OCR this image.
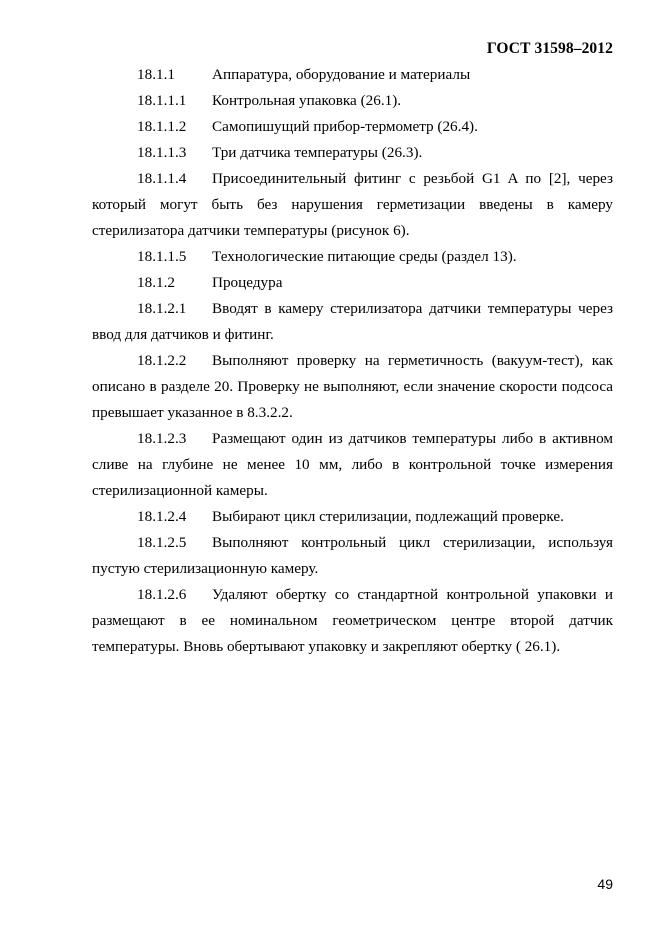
ГОСТ 31598–2012

18.1.1 Аппаратура, оборудование и материалы

18.1.1.1 Контрольная упаковка (26.1).

18.1.1.2 Самопишущий прибор-термометр (26.4).

18.1.1.3 Три датчика температуры (26.3).

18.1.1.4 Присоединительный фитинг с резьбой G1 A по [2], через который могут быть без нарушения герметизации введены в камеру стерилизатора датчики температуры (рисунок 6).

18.1.1.5 Технологические питающие среды (раздел 13).

18.1.2 Процедура

18.1.2.1 Вводят в камеру стерилизатора датчики температуры через ввод для датчиков и фитинг.

18.1.2.2 Выполняют проверку на герметичность (вакуум-тест), как описано в разделе 20. Проверку не выполняют, если значение скорости подсоса превышает указанное в 8.3.2.2.

18.1.2.3 Размещают один из датчиков температуры либо в активном сливе на глубине не менее 10 мм, либо в контрольной точке измерения стерилизационной камеры.

18.1.2.4 Выбирают цикл стерилизации, подлежащий проверке.

18.1.2.5 Выполняют контрольный цикл стерилизации, используя пустую стерилизационную камеру.

18.1.2.6 Удаляют обертку со стандартной контрольной упаковки и размещают в ее номинальном геометрическом центре второй датчик температуры. Вновь обертывают упаковку и закрепляют обертку ( 26.1).

49
